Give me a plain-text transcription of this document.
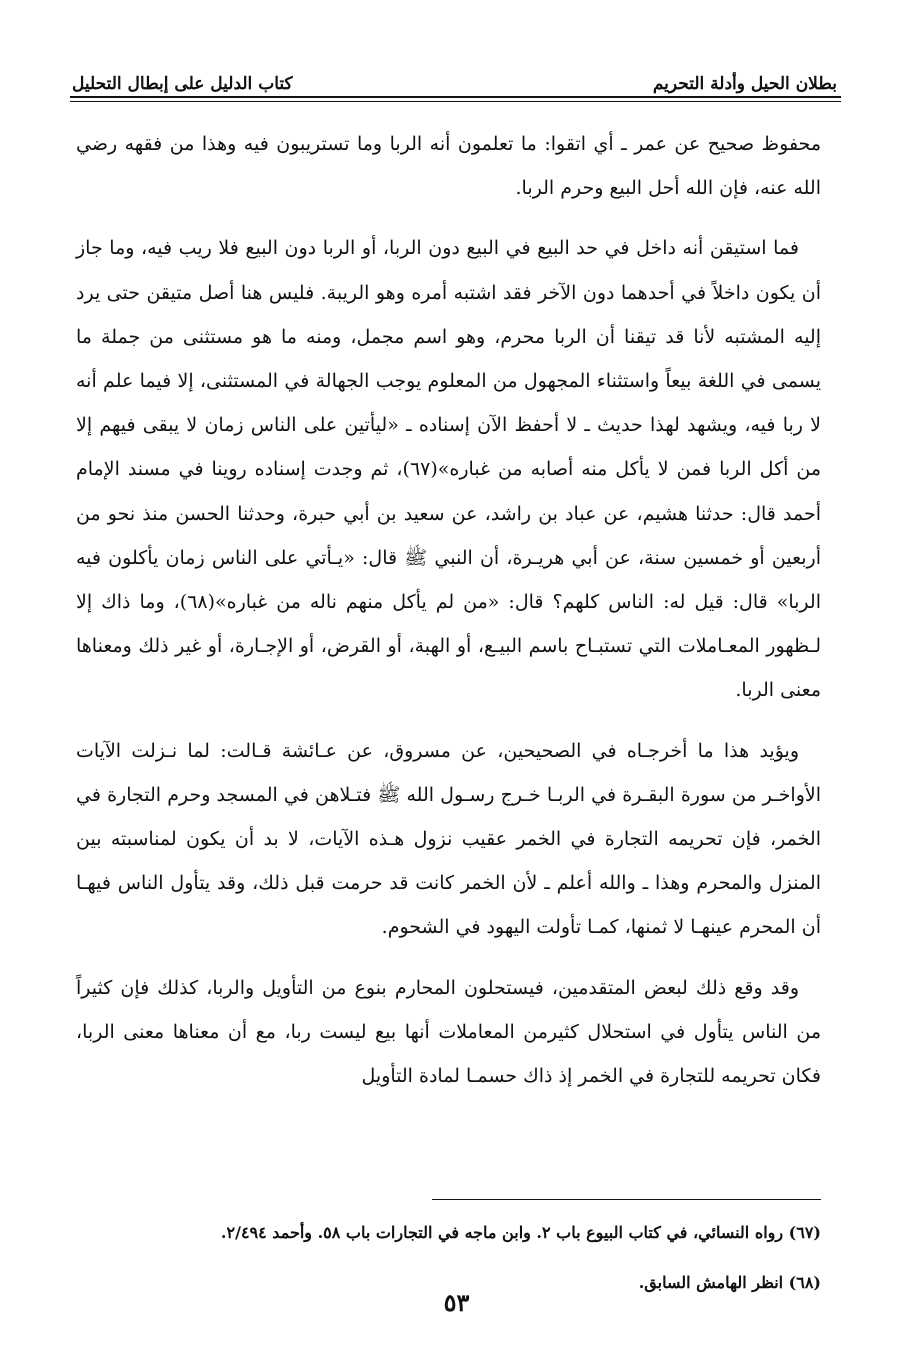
بطلان الحيل وأدلة التحريم
كتاب الدليل على إبطال التحليل

محفوظ صحيح عن عمر ـ أي اتقوا: ما تعلمون أنه الربا وما تستريبون فيه وهذا من فقهه رضي الله عنه، فإن الله أحل البيع وحرم الربا.

فما استيقن أنه داخل في حد البيع في البيع دون الربا، أو الربا دون البيع فلا ريب فيه، وما جاز أن يكون داخلاً في أحدهما دون الآخر فقد اشتبه أمره وهو الريبة. فليس هنا أصل متيقن حتى يرد إليه المشتبه لأنا قد تيقنا أن الربا محرم، وهو اسم مجمل، ومنه ما هو مستثنى من جملة ما يسمى في اللغة بيعاً واستثناء المجهول من المعلوم يوجب الجهالة في المستثنى، إلا فيما علم أنه لا ربا فيه، ويشهد لهذا حديث ـ لا أحفظ الآن إسناده ـ «ليأتين على الناس زمان لا يبقى فيهم إلا من أكل الربا فمن لا يأكل منه أصابه من غباره»(٦٧)، ثم وجدت إسناده روينا في مسند الإمام أحمد قال: حدثنا هشيم، عن عباد بن راشد، عن سعيد بن أبي حبرة، وحدثنا الحسن منذ نحو من أربعين أو خمسين سنة، عن أبي هريـرة، أن النبي ﷺ قال: «يـأتي على الناس زمان يأكلون فيه الربا» قال: قيل له: الناس كلهم؟ قال: «من لم يأكل منهم ناله من غباره»(٦٨)، وما ذاك إلا لـظهور المعـاملات التي تستبـاح باسم البيـع، أو الهبة، أو القرض، أو الإجـارة، أو غير ذلك ومعناها معنى الربا.

ويؤيد هذا ما أخرجـاه في الصحيحين، عن مسروق، عن عـائشة قـالت: لما نـزلت الآيات الأواخـر من سورة البقـرة في الربـا خـرج رسـول الله ﷺ فتـلاهن في المسجد وحرم التجارة في الخمر، فإن تحريمه التجارة في الخمر عقيب نزول هـذه الآيات، لا بد أن يكون لمناسبته بين المنزل والمحرم وهذا ـ والله أعلم ـ لأن الخمر كانت قد حرمت قبل ذلك، وقد يتأول الناس فيهـا أن المحرم عينهـا لا ثمنها، كمـا تأولت اليهود في الشحوم.

وقد وقع ذلك لبعض المتقدمين، فيستحلون المحارم بنوع من التأويل والربا، كذلك فإن كثيراً من الناس يتأول في استحلال كثيرمن المعاملات أنها بيع ليست ربا، مع أن معناها معنى الربا، فكان تحريمه للتجارة في الخمر إذ ذاك حسمـا لمادة التأويل

(٦٧) رواه النسائي، في كتاب البيوع باب ٢. وابن ماجه في التجارات باب ٥٨. وأحمد ٢/٤٩٤.
(٦٨) انظر الهامش السابق.
٥٣
